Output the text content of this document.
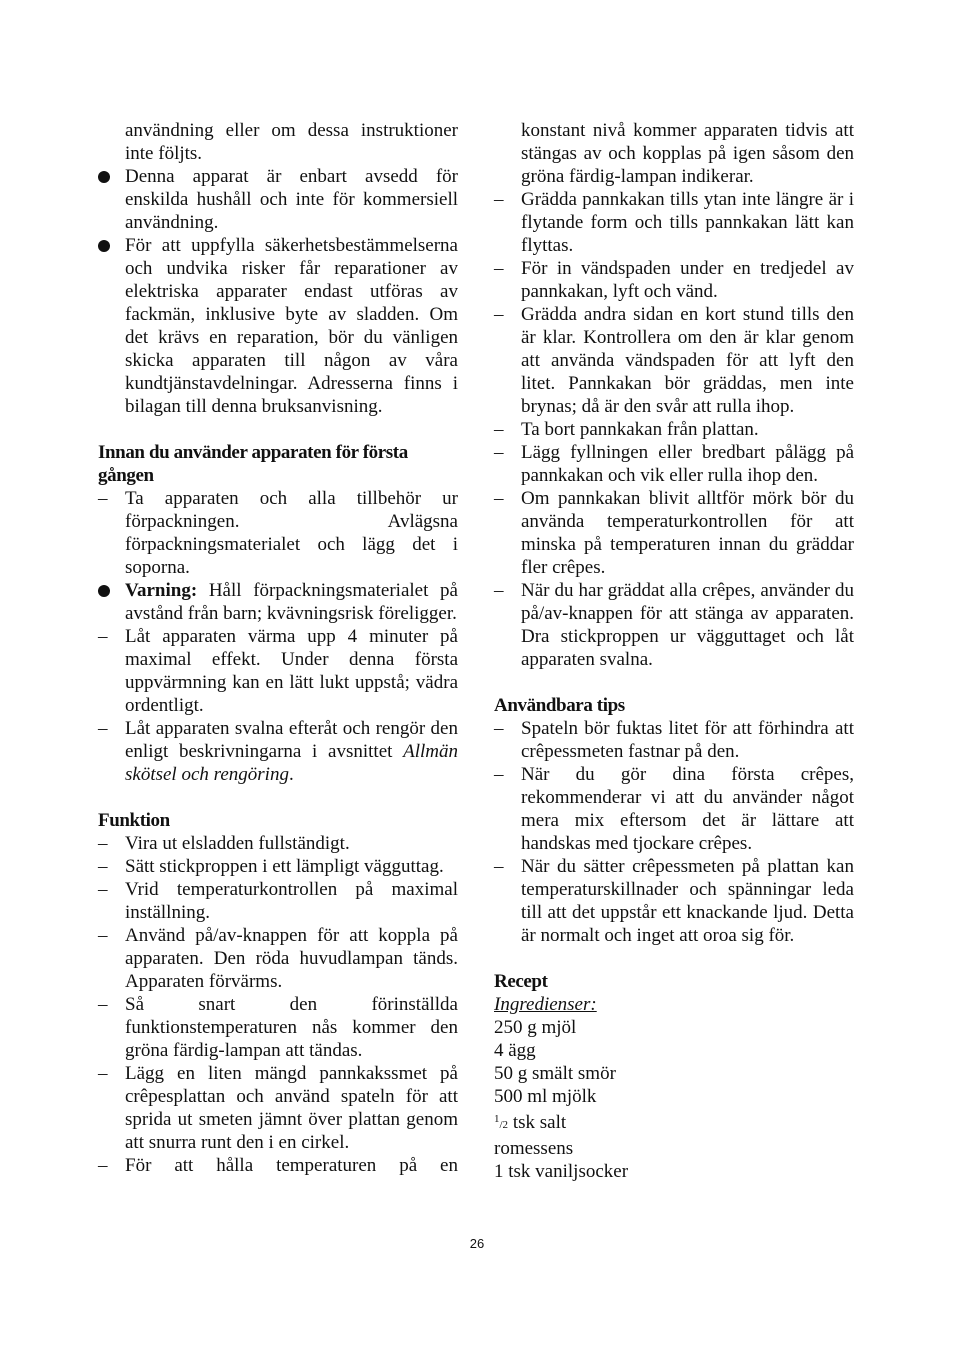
användning eller om dessa instruktioner inte följts.
Denna apparat är enbart avsedd för enskilda hushåll och inte för kommersiell användning.
För att uppfylla säkerhetsbestämmelserna och undvika risker får reparationer av elektriska apparater endast utföras av fackmän, inklusive byte av sladden. Om det krävs en reparation, bör du vänligen skicka apparaten till någon av våra kundtjänstavdelningar. Adresserna finns i bilagan till denna bruksanvisning.
Innan du använder apparaten för första gången
– Ta apparaten och alla tillbehör ur förpackningen. Avlägsna förpackningsmaterialet och lägg det i soporna.
Varning: Håll förpackningsmaterialet på avstånd från barn; kvävningsrisk föreligger.
– Låt apparaten värma upp 4 minuter på maximal effekt. Under denna första uppvärmning kan en lätt lukt uppstå; vädra ordentligt.
– Låt apparaten svalna efteråt och rengör den enligt beskrivningarna i avsnittet Allmän skötsel och rengöring.
Funktion
– Vira ut elsladden fullständigt.
– Sätt stickproppen i ett lämpligt vägguttag.
– Vrid temperaturkontrollen på maximal inställning.
– Använd på/av-knappen för att koppla på apparaten. Den röda huvudlampan tänds. Apparaten förvärms.
– Så snart den förinställda funktionstemperaturen nås kommer den gröna färdig-lampan att tändas.
– Lägg en liten mängd pannkakssmet på crêpesplattan och använd spateln för att sprida ut smeten jämnt över plattan genom att snurra runt den i en cirkel.
– För att hålla temperaturen på en
konstant nivå kommer apparaten tidvis att stängas av och kopplas på igen såsom den gröna färdig-lampan indikerar.
– Grädda pannkakan tills ytan inte längre är i flytande form och tills pannkakan lätt kan flyttas.
– För in vändspaden under en tredjedel av pannkakan, lyft och vänd.
– Grädda andra sidan en kort stund tills den är klar. Kontrollera om den är klar genom att använda vändspaden för att lyft den litet. Pannkakan bör gräddas, men inte brynas; då är den svår att rulla ihop.
– Ta bort pannkakan från plattan.
– Lägg fyllningen eller bredbart pålägg på pannkakan och vik eller rulla ihop den.
– Om pannkakan blivit alltför mörk bör du använda temperaturkontrollen för att minska på temperaturen innan du gräddar fler crêpes.
– När du har gräddat alla crêpes, använder du på/av-knappen för att stänga av apparaten. Dra stickproppen ur vägguttaget och låt apparaten svalna.
Användbara tips
– Spateln bör fuktas litet för att förhindra att crêpessmeten fastnar på den.
– När du gör dina första crêpes, rekommenderar vi att du använder något mera mix eftersom det är lättare att handskas med tjockare crêpes.
– När du sätter crêpessmeten på plattan kan temperaturskillnader och spänningar leda till att det uppstår ett knackande ljud. Detta är normalt och inget att oroa sig för.
Recept
Ingredienser:
250 g mjöl
4 ägg
50 g smält smör
500 ml mjölk
$^1$/2 tsk salt
romessens
1 tsk vaniljsocker
26
